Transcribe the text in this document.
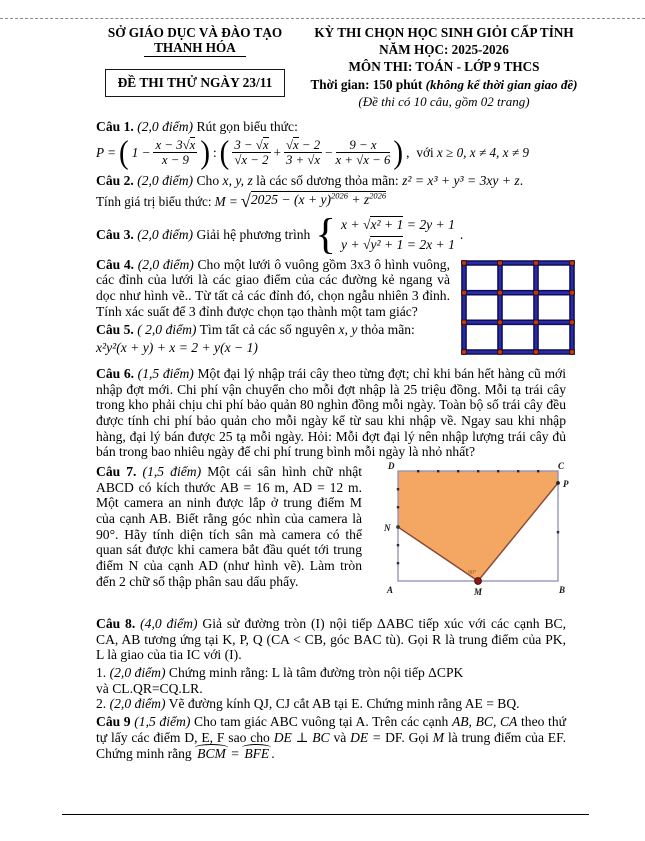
SỞ GIÁO DỤC VÀ ĐÀO TẠO
THANH HÓA
ĐỀ THI THỬ NGÀY 23/11
KỲ THI CHỌN HỌC SINH GIỎI CẤP TỈNH
NĂM HỌC: 2025-2026
MÔN THI: TOÁN - LỚP 9 THCS
Thời gian: 150 phút (không kể thời gian giao đề)
(Đề thi có 10 câu, gồm 02 trang)

Câu 1. (2,0 điểm) Rút gọn biểu thức:

P = ( $1 - \frac{x - 3√x}{x - 9}$ ) : ( $\frac{3 - √x}{√x - 2} + \frac{√x - 2}{3 + √x} - \frac{9 - x}{x + √x - 6}$ ) , với x ≥ 0, x ≠ 4, x ≠ 9

Câu 2. (2,0 điểm) Cho x, y, z là các số dương thỏa mãn: z² = x³ + y³ = 3xy + z.

Tính giá trị biểu thức: $M = √2025 - (x + y)^{2026} + z^{2026}$
Câu 3. (2,0 điểm) Giải hệ phương trình { x + √x² + 1 = 2y + 1
y + √y² + 1 = 2x + 1
.

Câu 4. (2,0 điểm) Cho một lưới ô vuông gồm 3x3 ô hình vuông, các đỉnh của lưới là các giao điểm của các đường kẻ ngang và dọc như hình vẽ.. Từ tất cả các đỉnh đó, chọn ngẫu nhiên 3 đỉnh. Tính xác suất để 3 đỉnh được chọn tạo thành một tam giác?

Câu 5. ( 2,0 điểm) Tìm tất cả các số nguyên x, y thỏa mãn:

x²y²(x + y) + x = 2 + y(x − 1)

Câu 6. (1,5 điểm) Một đại lý nhập trái cây theo từng đợt; chỉ khi bán hết hàng cũ mới nhập đợt mới. Chi phí vận chuyển cho mỗi đợt nhập là 25 triệu đồng. Mỗi tạ trái cây trong kho phải chịu chi phí bảo quản 80 nghìn đồng mỗi ngày. Toàn bộ số trái cây đều được tính chi phí bảo quản cho mỗi ngày kể từ sau khi nhập về. Ngay sau khi nhập hàng, đại lý bán được 25 tạ mỗi ngày. Hỏi: Mỗi đợt đại lý nên nhập lượng trái cây đủ bán trong bao nhiêu ngày để chi phí trung bình mỗi ngày là nhỏ nhất?

D	C
A	B
M
N
P
90°

Câu 7. (1,5 điểm) Một cái sân hình chữ nhật ABCD có kích thước AB = 16 m, AD = 12 m. Một camera an ninh được lắp ở trung điểm M của cạnh AB. Biết rằng góc nhìn của camera là 90°. Hãy tính diện tích sân mà camera có thể quan sát được khi camera bắt đầu quét tới trung điểm N của cạnh AD (như hình vẽ). Làm tròn đến 2 chữ số thập phân sau dấu phẩy.

Câu 8. (4,0 điểm) Giả sử đường tròn (I) nội tiếp ΔABC tiếp xúc với các cạnh BC, CA, AB tương ứng tại K, P, Q (CA < CB, góc BAC tù). Gọi R là trung điểm của PK, L là giao của tia IC với (I).

1. (2,0 điểm) Chứng minh rằng: L là tâm đường tròn nội tiếp ΔCPK

và CL.QR=CQ.LR.

2. (2,0 điểm) Vẽ đường kính QJ, CJ cắt AB tại E. Chứng minh rằng AE = BQ.

Câu 9 (1,5 điểm) Cho tam giác ABC vuông tại A. Trên các cạnh AB, BC, CA theo thứ tự lấy các điểm D, E, F sao cho DE ⊥ BC và DE = DF. Gọi M là trung điểm của EF. Chứng minh rằng BCM = BFE .
